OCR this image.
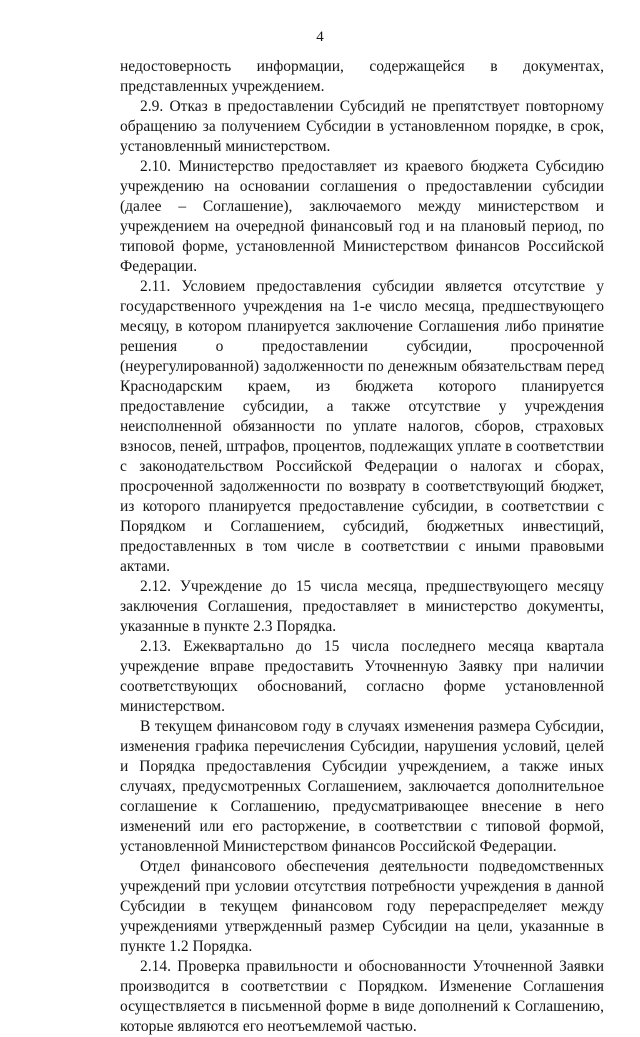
4

недостоверность информации, содержащейся в документах, представленных учреждением.

2.9. Отказ в предоставлении Субсидий не препятствует повторному обращению за получением Субсидии в установленном порядке, в срок, установленный министерством.

2.10. Министерство предоставляет из краевого бюджета Субсидию учреждению на основании соглашения о предоставлении субсидии (далее – Соглашение), заключаемого между министерством и учреждением на очередной финансовый год и на плановый период, по типовой форме, установленной Министерством финансов Российской Федерации.

2.11. Условием предоставления субсидии является отсутствие у государственного учреждения на 1-е число месяца, предшествующего месяцу, в котором планируется заключение Соглашения либо принятие решения о предоставлении субсидии, просроченной (неурегулированной) задолженности по денежным обязательствам перед Краснодарским краем, из бюджета которого планируется предоставление субсидии, а также отсутствие у учреждения неисполненной обязанности по уплате налогов, сборов, страховых взносов, пеней, штрафов, процентов, подлежащих уплате в соответствии с законодательством Российской Федерации о налогах и сборах, просроченной задолженности по возврату в соответствующий бюджет, из которого планируется предоставление субсидии, в соответствии с Порядком и Соглашением, субсидий, бюджетных инвестиций, предоставленных в том числе в соответствии с иными правовыми актами.

2.12. Учреждение до 15 числа месяца, предшествующего месяцу заключения Соглашения, предоставляет в министерство документы, указанные в пункте 2.3 Порядка.

2.13. Ежеквартально до 15 числа последнего месяца квартала учреждение вправе предоставить Уточненную Заявку при наличии соответствующих обоснований, согласно форме установленной министерством.

В текущем финансовом году в случаях изменения размера Субсидии, изменения графика перечисления Субсидии, нарушения условий, целей и Порядка предоставления Субсидии учреждением, а также иных случаях, предусмотренных Соглашением, заключается дополнительное соглашение к Соглашению, предусматривающее внесение в него изменений или его расторжение, в соответствии с типовой формой, установленной Министерством финансов Российской Федерации.

Отдел финансового обеспечения деятельности подведомственных учреждений при условии отсутствия потребности учреждения в данной Субсидии в текущем финансовом году перераспределяет между учреждениями утвержденный размер Субсидии на цели, указанные в пункте 1.2 Порядка.

2.14. Проверка правильности и обоснованности Уточненной Заявки производится в соответствии с Порядком. Изменение Соглашения осуществляется в письменной форме в виде дополнений к Соглашению, которые являются его неотъемлемой частью.
